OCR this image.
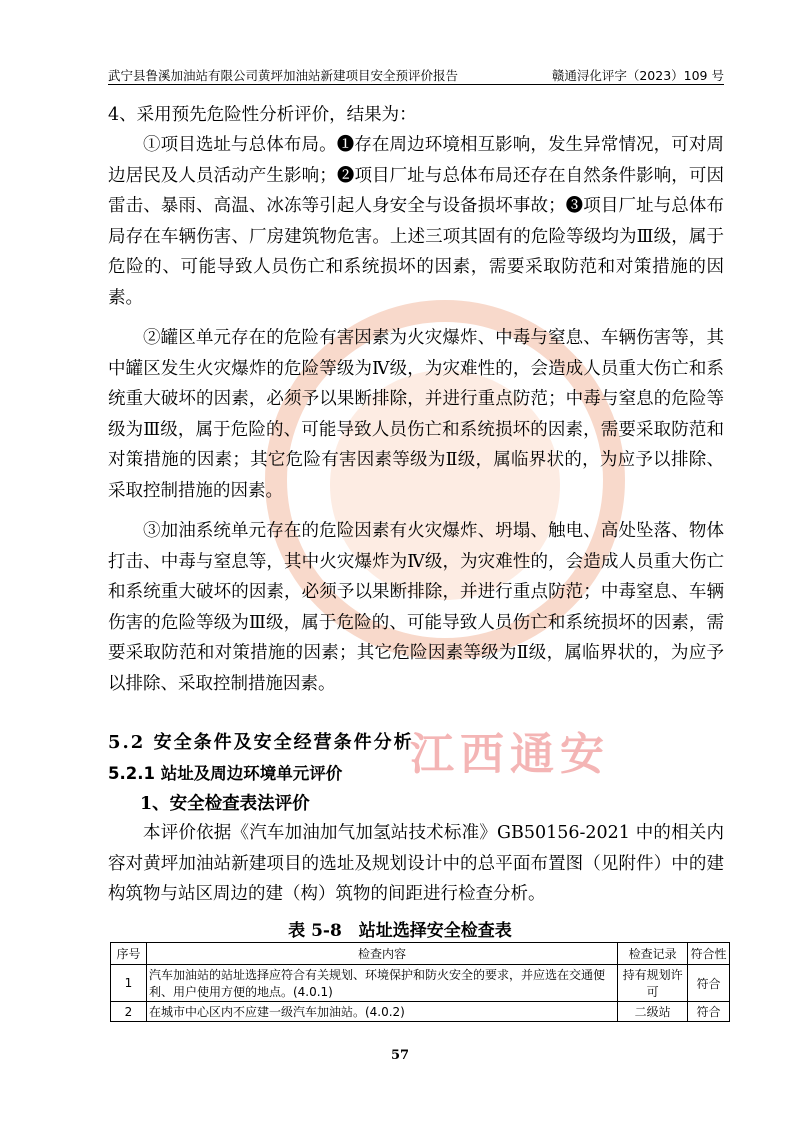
武宁县鲁溪加油站有限公司黄坪加油站新建项目安全预评价报告	赣通浔化评字（2023）109 号
江西通安
4、采用预先危险性分析评价，结果为：
①项目选址与总体布局。❶存在周边环境相互影响，发生异常情况，可对周边居民及人员活动产生影响；❷项目厂址与总体布局还存在自然条件影响，可因雷击、暴雨、高温、冰冻等引起人身安全与设备损坏事故；❸项目厂址与总体布局存在车辆伤害、厂房建筑物危害。上述三项其固有的危险等级均为Ⅲ级，属于危险的、可能导致人员伤亡和系统损坏的因素，需要采取防范和对策措施的因素。
②罐区单元存在的危险有害因素为火灾爆炸、中毒与窒息、车辆伤害等，其中罐区发生火灾爆炸的危险等级为Ⅳ级，为灾难性的，会造成人员重大伤亡和系统重大破坏的因素，必须予以果断排除，并进行重点防范；中毒与窒息的危险等级为Ⅲ级，属于危险的、可能导致人员伤亡和系统损坏的因素，需要采取防范和对策措施的因素；其它危险有害因素等级为Ⅱ级，属临界状的，为应予以排除、采取控制措施的因素。
③加油系统单元存在的危险因素有火灾爆炸、坍塌、触电、高处坠落、物体打击、中毒与窒息等，其中火灾爆炸为Ⅳ级，为灾难性的，会造成人员重大伤亡和系统重大破坏的因素，必须予以果断排除，并进行重点防范；中毒窒息、车辆伤害的危险等级为Ⅲ级，属于危险的、可能导致人员伤亡和系统损坏的因素，需要采取防范和对策措施的因素；其它危险因素等级为Ⅱ级，属临界状的，为应予以排除、采取控制措施因素。
5.2 安全条件及安全经营条件分析
5.2.1 站址及周边环境单元评价
1、安全检查表法评价
本评价依据《汽车加油加气加氢站技术标准》GB50156-2021 中的相关内容对黄坪加油站新建项目的选址及规划设计中的总平面布置图（见附件）中的建构筑物与站区周边的建（构）筑物的间距进行检查分析。
表 5-8　站址选择安全检查表
序号	检查内容	检查记录	符合性
1	汽车加油站的站址选择应符合有关规划、环境保护和防火安全的要求，并应选在交通便利、用户使用方便的地点。(4.0.1)	持有规划许可	符合
2	在城市中心区内不应建一级汽车加油站。(4.0.2)	二级站	符合
57
